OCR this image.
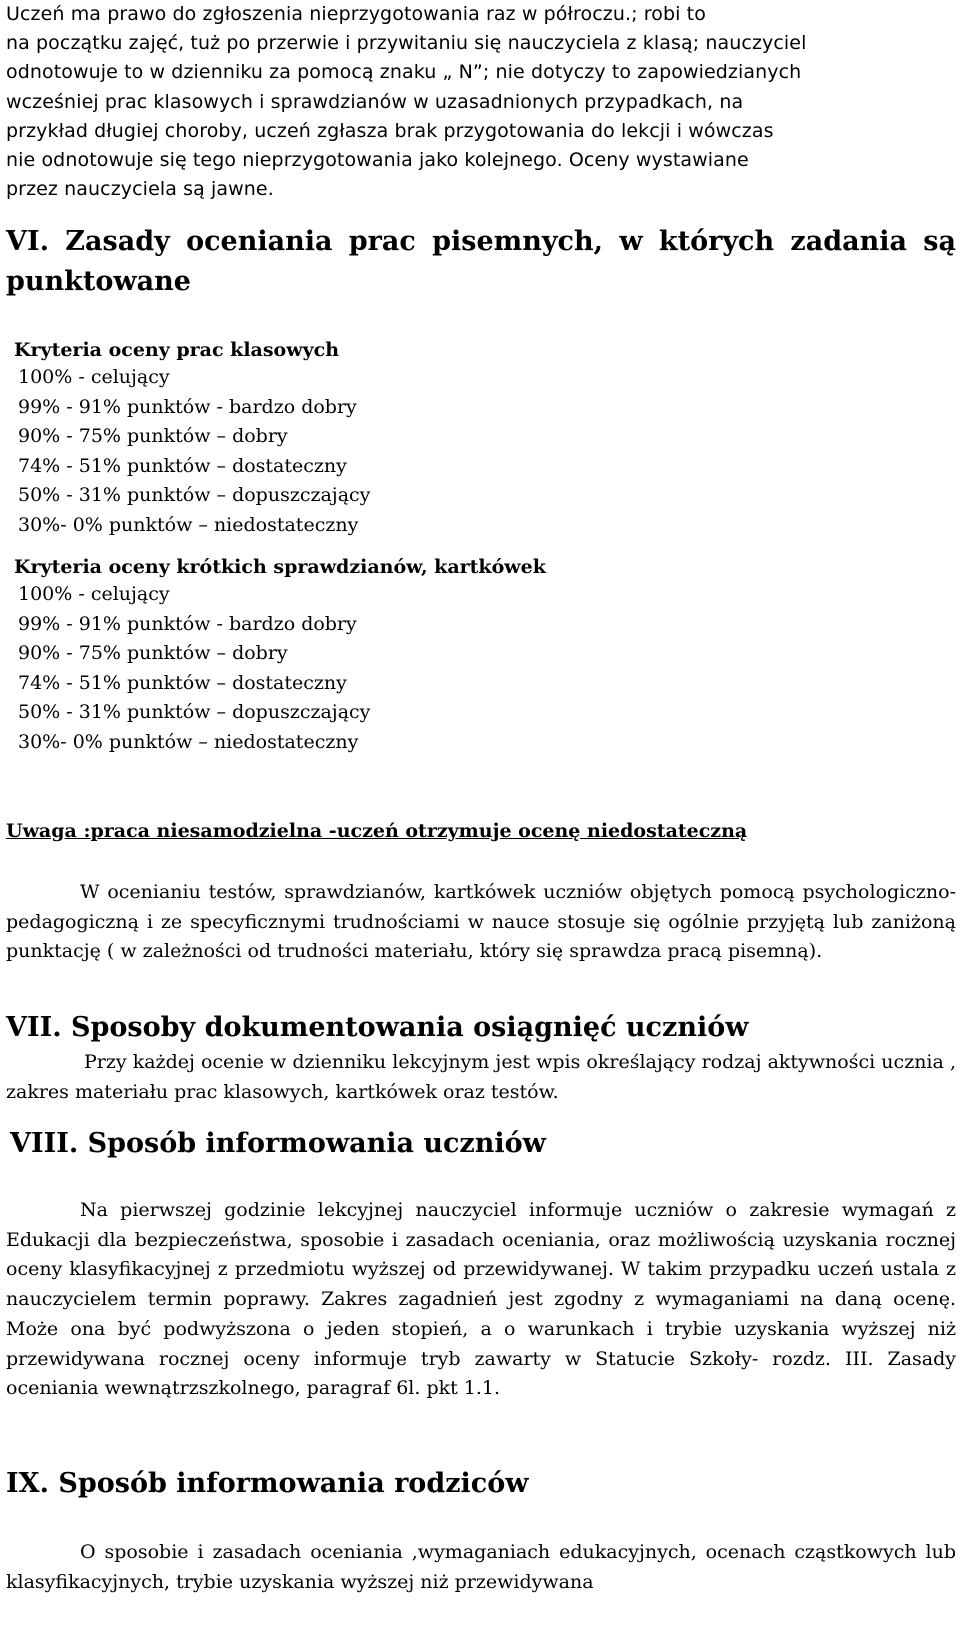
Uczeń ma prawo do zgłoszenia nieprzygotowania raz w półroczu.; robi to
na początku zajęć, tuż po przerwie i przywitaniu się nauczyciela z klasą; nauczyciel
odnotowuje to w dzienniku za pomocą znaku „ N”; nie dotyczy to zapowiedzianych
wcześniej prac klasowych i sprawdzianów w uzasadnionych przypadkach, na
przykład długiej choroby, uczeń zgłasza brak przygotowania do lekcji i wówczas
nie odnotowuje się tego nieprzygotowania jako kolejnego. Oceny wystawiane
przez nauczyciela są jawne.

VI. Zasady oceniania prac pisemnych, w których zadania są punktowane

Kryteria oceny prac klasowych

100% - celujący
99% - 91% punktów - bardzo dobry
90% - 75% punktów – dobry
74% - 51% punktów – dostateczny
50% - 31% punktów – dopuszczający
30%- 0% punktów – niedostateczny

Kryteria oceny krótkich sprawdzianów, kartkówek

100% - celujący
99% - 91% punktów - bardzo dobry
90% - 75% punktów – dobry
74% - 51% punktów – dostateczny
50% - 31% punktów – dopuszczający
30%- 0% punktów – niedostateczny

Uwaga :praca niesamodzielna -uczeń otrzymuje ocenę niedostateczną

W ocenianiu testów, sprawdzianów, kartkówek uczniów objętych pomocą psychologiczno- pedagogiczną i ze specyficznymi trudnościami w nauce stosuje się ogólnie przyjętą lub zaniżoną punktację ( w zależności od trudności materiału, który się sprawdza pracą pisemną).

VII. Sposoby dokumentowania osiągnięć uczniów

Przy każdej ocenie w dzienniku lekcyjnym jest wpis określający rodzaj aktywności ucznia , zakres materiału prac klasowych, kartkówek oraz testów.

VIII. Sposób informowania uczniów

Na pierwszej godzinie lekcyjnej nauczyciel informuje uczniów o zakresie wymagań z Edukacji dla bezpieczeństwa, sposobie i zasadach oceniania, oraz możliwością uzyskania rocznej oceny klasyfikacyjnej z przedmiotu wyższej od przewidywanej. W takim przypadku uczeń ustala z nauczycielem termin poprawy. Zakres zagadnień jest zgodny z wymaganiami na daną ocenę. Może ona być podwyższona o jeden stopień, a o warunkach i trybie uzyskania wyższej niż przewidywana rocznej oceny informuje tryb zawarty w Statucie Szkoły- rozdz. III. Zasady oceniania wewnątrzszkolnego, paragraf 6l. pkt 1.1.

IX. Sposób informowania rodziców

O sposobie i zasadach oceniania ,wymaganiach edukacyjnych, ocenach cząstkowych lub klasyfikacyjnych, trybie uzyskania wyższej niż przewidywana
